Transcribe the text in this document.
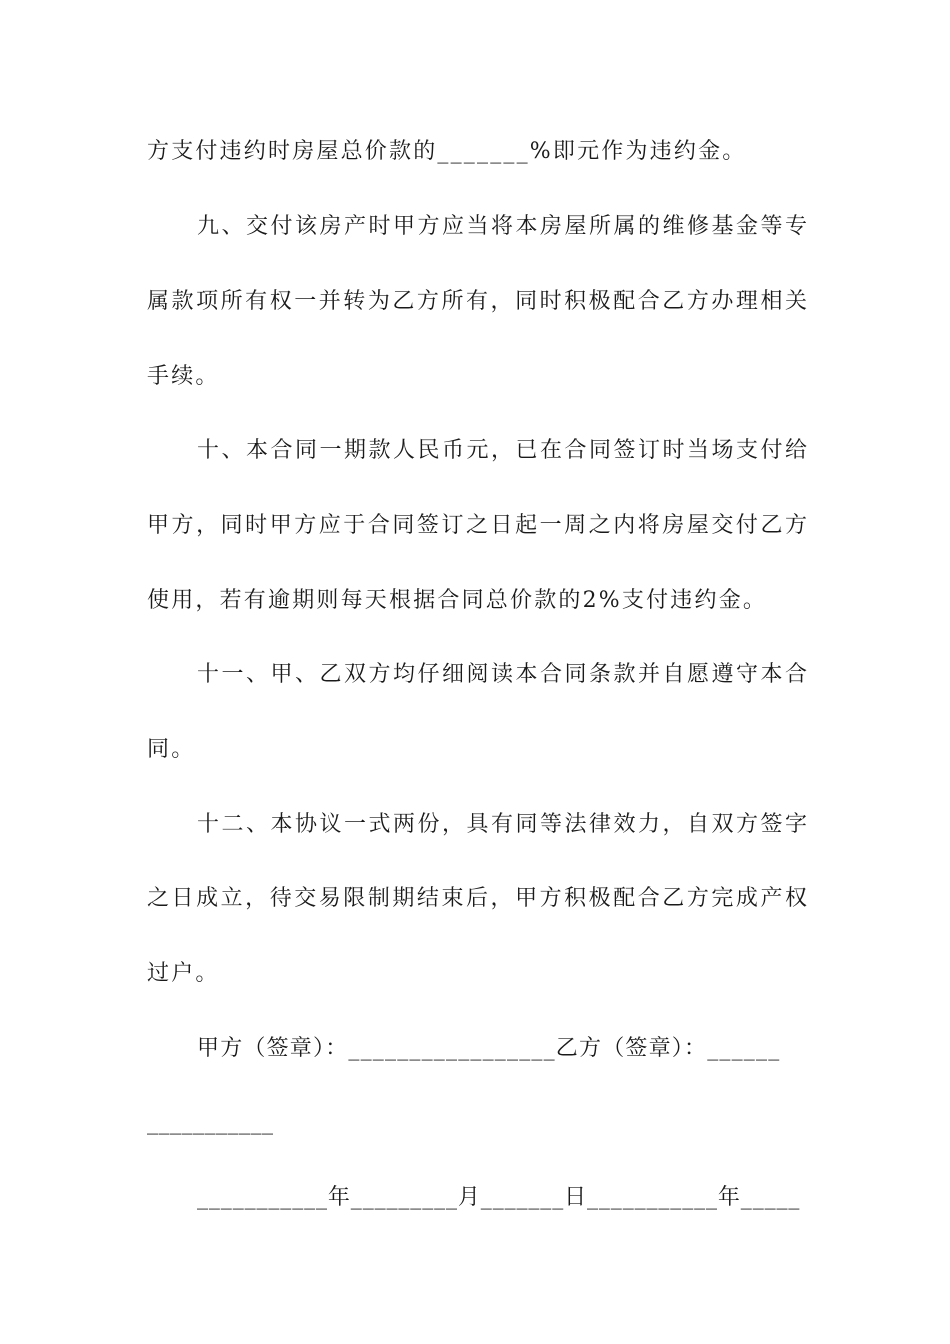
方支付违约时房屋总价款的_______%即元作为违约金。
九、交付该房产时甲方应当将本房屋所属的维修基金等专
属款项所有权一并转为乙方所有，同时积极配合乙方办理相关
手续。
十、本合同一期款人民币元，已在合同签订时当场支付给
甲方，同时甲方应于合同签订之日起一周之内将房屋交付乙方
使用，若有逾期则每天根据合同总价款的2%支付违约金。
十一、甲、乙双方均仔细阅读本合同条款并自愿遵守本合
同。
十二、本协议一式两份，具有同等法律效力，自双方签字
之日成立，待交易限制期结束后，甲方积极配合乙方完成产权
过户。
甲方（签章）：_________________乙方（签章）：______
___________
___________年_________月_______日___________年_____
